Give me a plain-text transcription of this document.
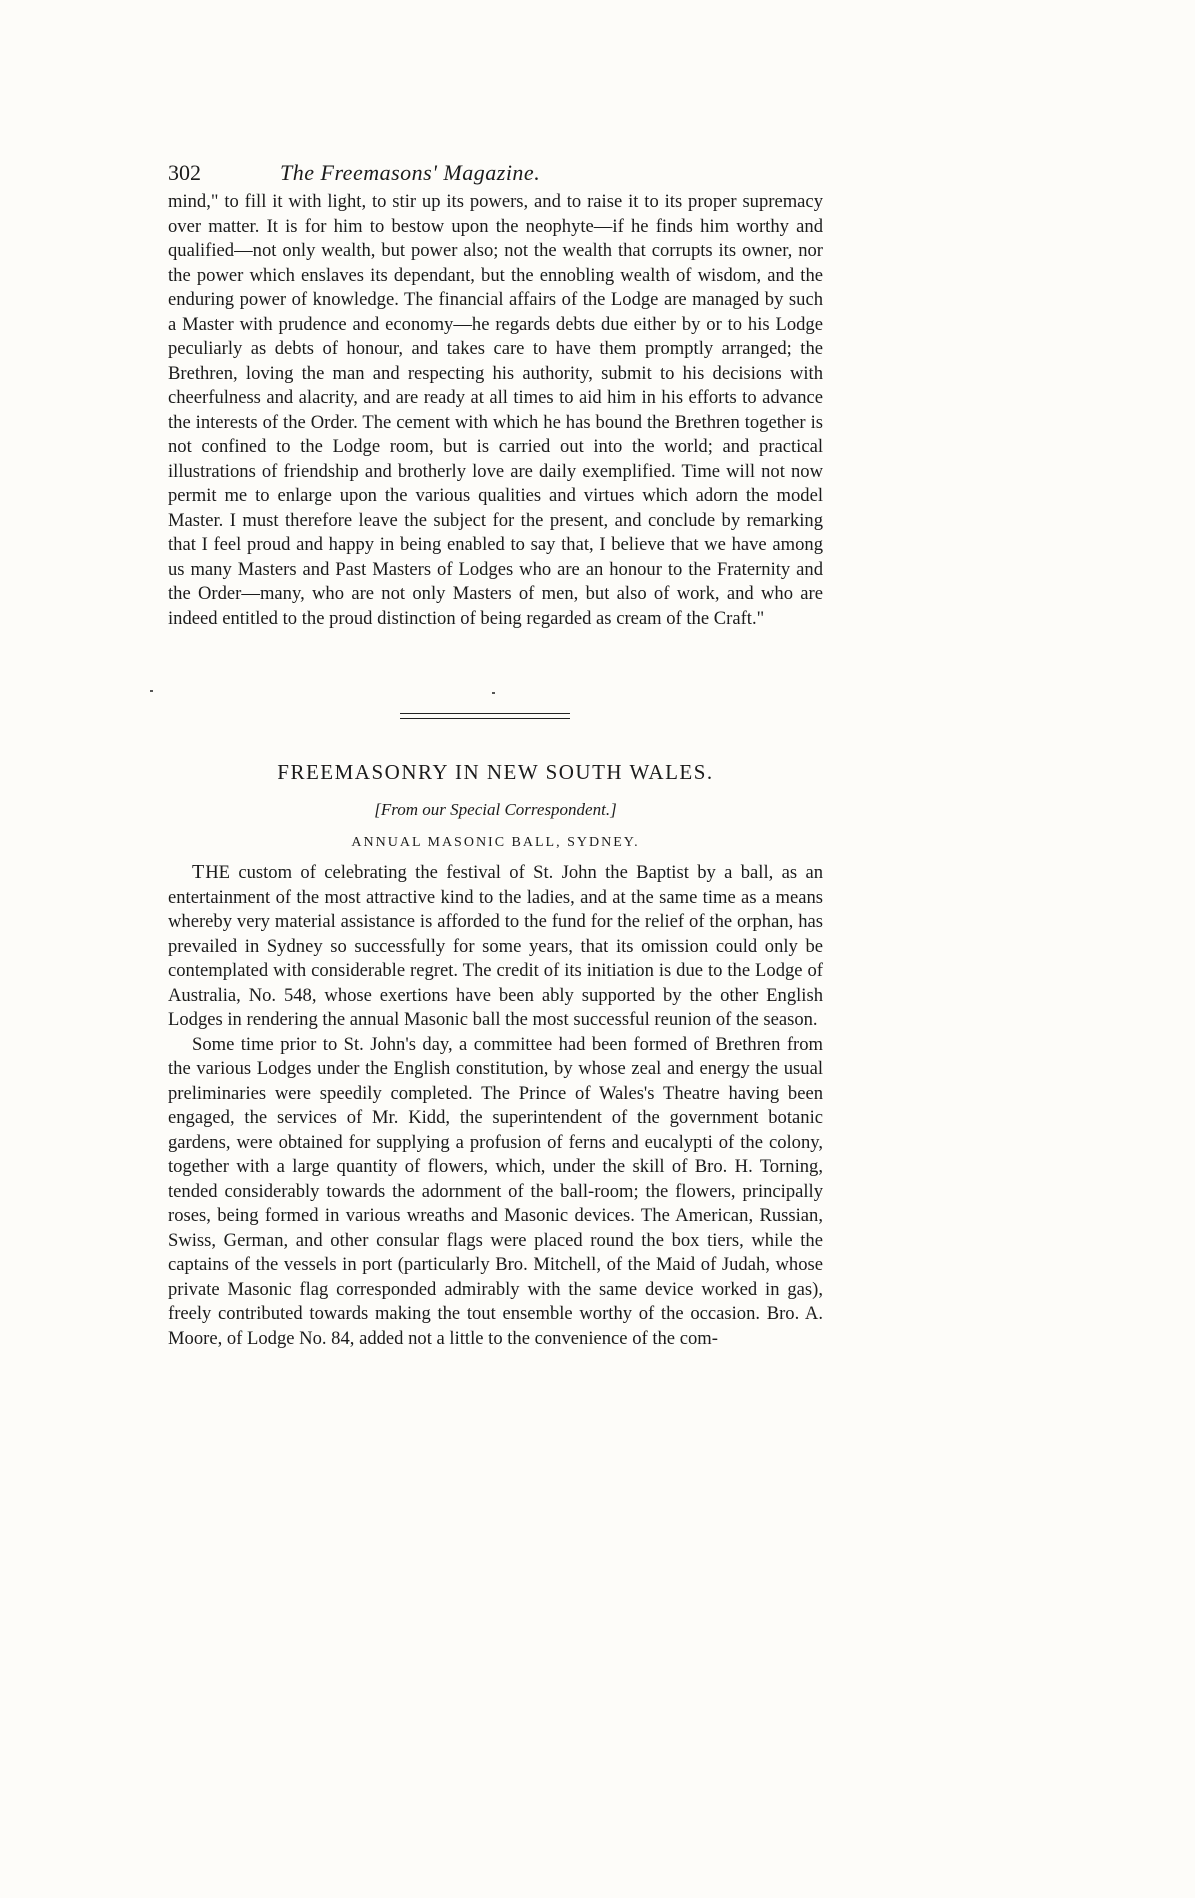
302	The Freemasons' Magazine.

mind," to fill it with light, to stir up its powers, and to raise it to its proper supremacy over matter. It is for him to bestow upon the neophyte—if he finds him worthy and qualified—not only wealth, but power also; not the wealth that corrupts its owner, nor the power which enslaves its dependant, but the ennobling wealth of wisdom, and the enduring power of knowledge. The financial affairs of the Lodge are managed by such a Master with prudence and economy—he regards debts due either by or to his Lodge peculiarly as debts of honour, and takes care to have them promptly arranged; the Brethren, loving the man and respecting his authority, submit to his decisions with cheerfulness and alacrity, and are ready at all times to aid him in his efforts to advance the interests of the Order. The cement with which he has bound the Brethren together is not confined to the Lodge room, but is carried out into the world; and practical illustrations of friendship and brotherly love are daily exemplified. Time will not now permit me to enlarge upon the various qualities and virtues which adorn the model Master. I must therefore leave the subject for the present, and conclude by remarking that I feel proud and happy in being enabled to say that, I believe that we have among us many Masters and Past Masters of Lodges who are an honour to the Fraternity and the Order—many, who are not only Masters of men, but also of work, and who are indeed entitled to the proud distinction of being regarded as cream of the Craft."

FREEMASONRY IN NEW SOUTH WALES.
[From our Special Correspondent.]
ANNUAL MASONIC BALL, SYDNEY.

THE custom of celebrating the festival of St. John the Baptist by a ball, as an entertainment of the most attractive kind to the ladies, and at the same time as a means whereby very material assistance is afforded to the fund for the relief of the orphan, has prevailed in Sydney so successfully for some years, that its omission could only be contemplated with considerable regret. The credit of its initiation is due to the Lodge of Australia, No. 548, whose exertions have been ably supported by the other English Lodges in rendering the annual Masonic ball the most successful reunion of the season.

Some time prior to St. John's day, a committee had been formed of Brethren from the various Lodges under the English constitution, by whose zeal and energy the usual preliminaries were speedily completed. The Prince of Wales's Theatre having been engaged, the services of Mr. Kidd, the superintendent of the government botanic gardens, were obtained for supplying a profusion of ferns and eucalypti of the colony, together with a large quantity of flowers, which, under the skill of Bro. H. Torning, tended considerably towards the adornment of the ball-room; the flowers, principally roses, being formed in various wreaths and Masonic devices. The American, Russian, Swiss, German, and other consular flags were placed round the box tiers, while the captains of the vessels in port (particularly Bro. Mitchell, of the Maid of Judah, whose private Masonic flag corresponded admirably with the same device worked in gas), freely contributed towards making the tout ensemble worthy of the occasion. Bro. A. Moore, of Lodge No. 84, added not a little to the convenience of the com-
